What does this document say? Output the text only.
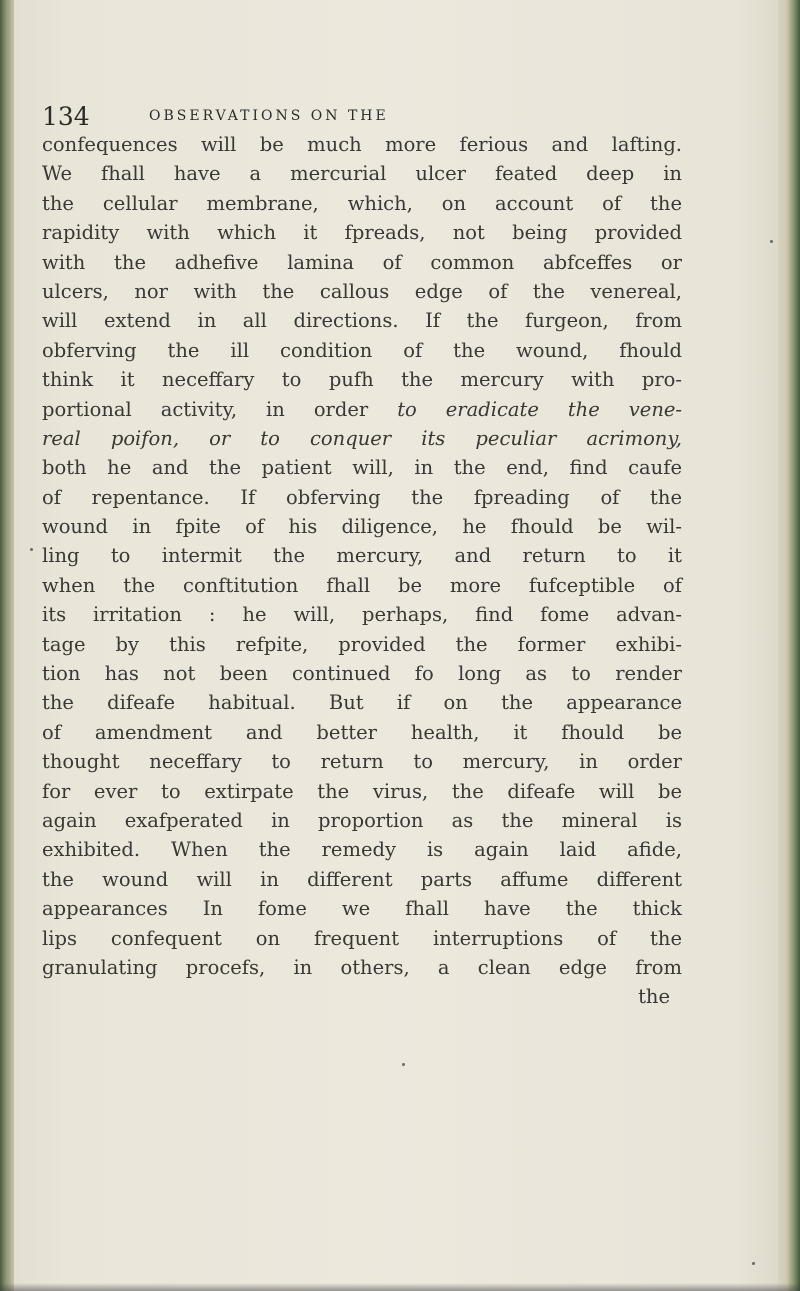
134	OBSERVATIONS ON THE
confequences will be much more ferious and lafting.
We fhall have a mercurial ulcer feated deep in
the cellular membrane, which, on account of the
rapidity with which it fpreads, not being provided
with the adhefive lamina of common abfceffes or
ulcers, nor with the callous edge of the venereal,
will extend in all directions. If the furgeon, from
obferving the ill condition of the wound, fhould
think it neceffary to pufh the mercury with pro-
portional activity, in order to eradicate the vene-
real poifon, or to conquer its peculiar acrimony,
both he and the patient will, in the end, find caufe
of repentance. If obferving the fpreading of the
wound in fpite of his diligence, he fhould be wil-
ling to intermit the mercury, and return to it
when the conftitution fhall be more fufceptible of
its irritation : he will, perhaps, find fome advan-
tage by this refpite, provided the former exhibi-
tion has not been continued fo long as to render
the difeafe habitual. But if on the appearance
of amendment and better health, it fhould be
thought neceffary to return to mercury, in order
for ever to extirpate the virus, the difeafe will be
again exafperated in proportion as the mineral is
exhibited. When the remedy is again laid afide,
the wound will in different parts affume different
appearances In fome we fhall have the thick
lips confequent on frequent interruptions of the
granulating procefs, in others, a clean edge from
the
